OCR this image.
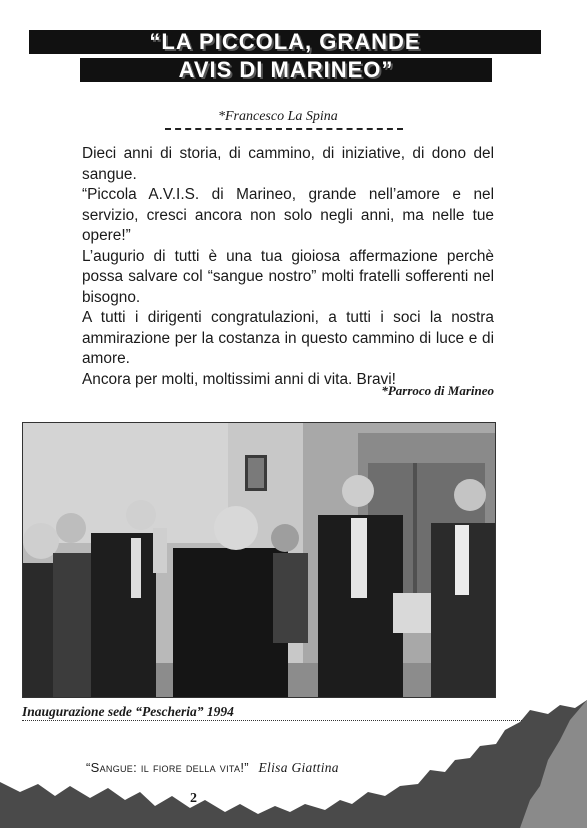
“LA PICCOLA, GRANDE
AVIS DI MARINEO”
*Francesco La Spina

Dieci anni di storia, di cammino, di iniziative, di dono del sangue.

“Piccola A.V.I.S. di Marineo, grande nell’amore e nel servizio, cresci ancora non solo negli anni, ma nelle tue opere!”

L’augurio di tutti è una tua gioiosa affermazione perchè possa salvare col “sangue nostro” molti fratelli sofferenti nel bisogno.

A tutti i dirigenti congratulazioni, a tutti i soci la nostra ammirazione per la costanza in questo cammino di luce e di amore.

Ancora per molti, moltissimi anni di vita. Bravi!

*Parroco di Marineo
Inaugurazione sede “Pescheria” 1994
“Sangue: il fiore della vita!” Elisa Giattina
2
